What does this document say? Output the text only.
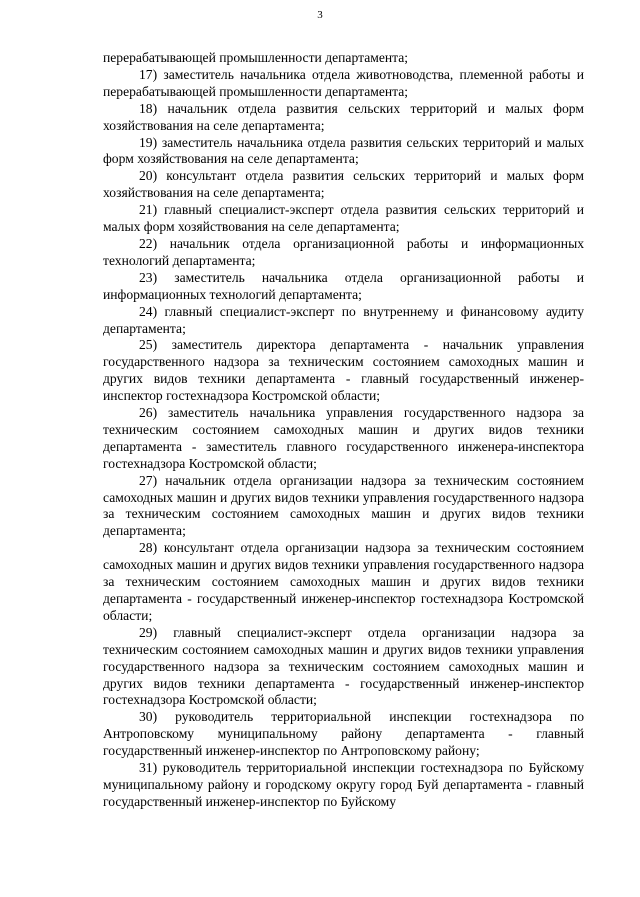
3

перерабатывающей промышленности департамента;

17) заместитель начальника отдела животноводства, племенной работы и перерабатывающей промышленности департамента;

18) начальник отдела развития сельских территорий и малых форм хозяйствования на селе департамента;

19) заместитель начальника отдела развития сельских территорий и малых форм хозяйствования на селе департамента;

20) консультант отдела развития сельских территорий и малых форм хозяйствования на селе департамента;

21) главный специалист-эксперт отдела развития сельских территорий и малых форм хозяйствования на селе департамента;

22) начальник отдела организационной работы и информационных технологий департамента;

23) заместитель начальника отдела организационной работы и информационных технологий департамента;

24) главный специалист-эксперт по внутреннему и финансовому аудиту департамента;

25) заместитель директора департамента - начальник управления государственного надзора за техническим состоянием самоходных машин и других видов техники департамента - главный государственный инженер-инспектор гостехнадзора Костромской области;

26) заместитель начальника управления государственного надзора за техническим состоянием самоходных машин и других видов техники департамента - заместитель главного государственного инженера-инспектора гостехнадзора Костромской области;

27) начальник отдела организации надзора за техническим состоянием самоходных машин и других видов техники управления государственного надзора за техническим состоянием самоходных машин и других видов техники департамента;

28) консультант отдела организации надзора за техническим состоянием самоходных машин и других видов техники управления государственного надзора за техническим состоянием самоходных машин и других видов техники департамента - государственный инженер-инспектор гостехнадзора Костромской области;

29) главный специалист-эксперт отдела организации надзора за техническим состоянием самоходных машин и других видов техники управления государственного надзора за техническим состоянием самоходных машин и других видов техники департамента - государственный инженер-инспектор гостехнадзора Костромской области;

30) руководитель территориальной инспекции гостехнадзора по Антроповскому муниципальному району департамента - главный государственный инженер-инспектор по Антроповскому району;

31) руководитель территориальной инспекции гостехнадзора по Буйскому муниципальному району и городскому округу город Буй департамента - главный государственный инженер-инспектор по Буйскому
